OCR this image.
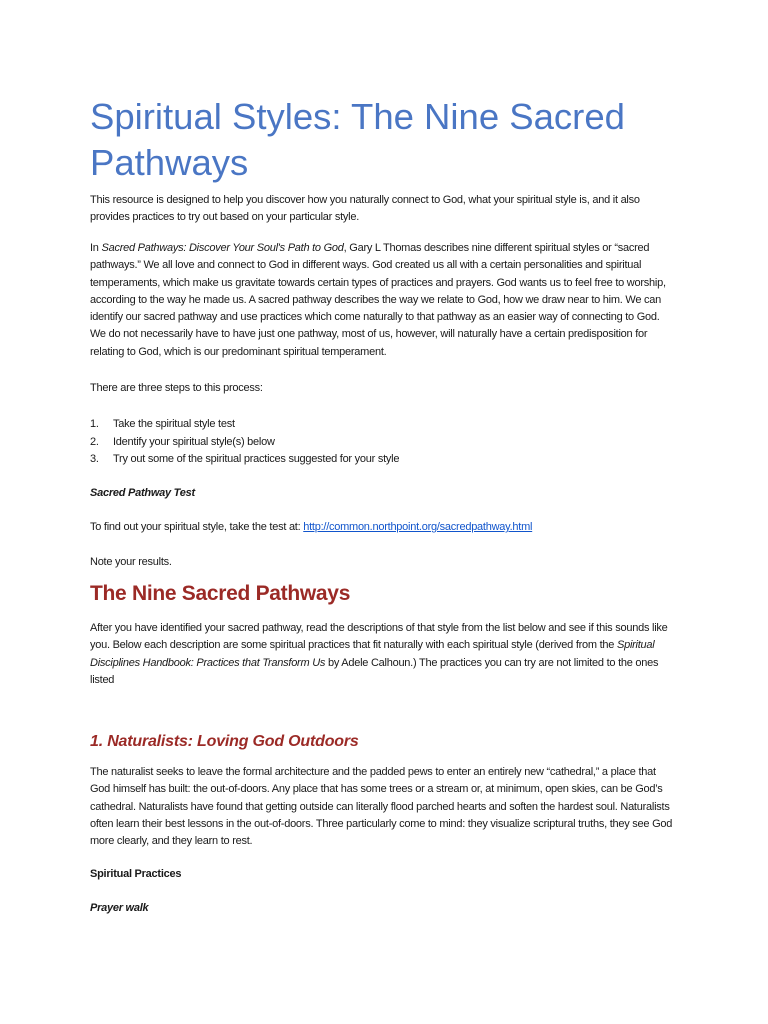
Spiritual Styles: The Nine Sacred Pathways

This resource is designed to help you discover how you naturally connect to God, what your spiritual style is, and it also provides practices to try out based on your particular style.

In Sacred Pathways: Discover Your Soul's Path to God, Gary L Thomas describes nine different spiritual styles or “sacred pathways.” We all love and connect to God in different ways. God created us all with a certain personalities and spiritual temperaments, which make us gravitate towards certain types of practices and prayers. God wants us to feel free to worship, according to the way he made us. A sacred pathway describes the way we relate to God, how we draw near to him. We can identify our sacred pathway and use practices which come naturally to that pathway as an easier way of connecting to God. We do not necessarily have to have just one pathway, most of us, however, will naturally have a certain predisposition for relating to God, which is our predominant spiritual temperament.

There are three steps to this process:

1. Take the spiritual style test
2. Identify your spiritual style(s) below
3. Try out some of the spiritual practices suggested for your style

Sacred Pathway Test

To find out your spiritual style, take the test at: http://common.northpoint.org/sacredpathway.html

Note your results.

The Nine Sacred Pathways

After you have identified your sacred pathway, read the descriptions of that style from the list below and see if this sounds like you. Below each description are some spiritual practices that fit naturally with each spiritual style (derived from the Spiritual Disciplines Handbook: Practices that Transform Us by Adele Calhoun.) The practices you can try are not limited to the ones listed

1. Naturalists: Loving God Outdoors

The naturalist seeks to leave the formal architecture and the padded pews to enter an entirely new “cathedral,” a place that God himself has built: the out-of-doors. Any place that has some trees or a stream or, at minimum, open skies, can be God’s cathedral. Naturalists have found that getting outside can literally flood parched hearts and soften the hardest soul. Naturalists often learn their best lessons in the out-of-doors. Three particularly come to mind: they visualize scriptural truths, they see God more clearly, and they learn to rest.

Spiritual Practices

Prayer walk
